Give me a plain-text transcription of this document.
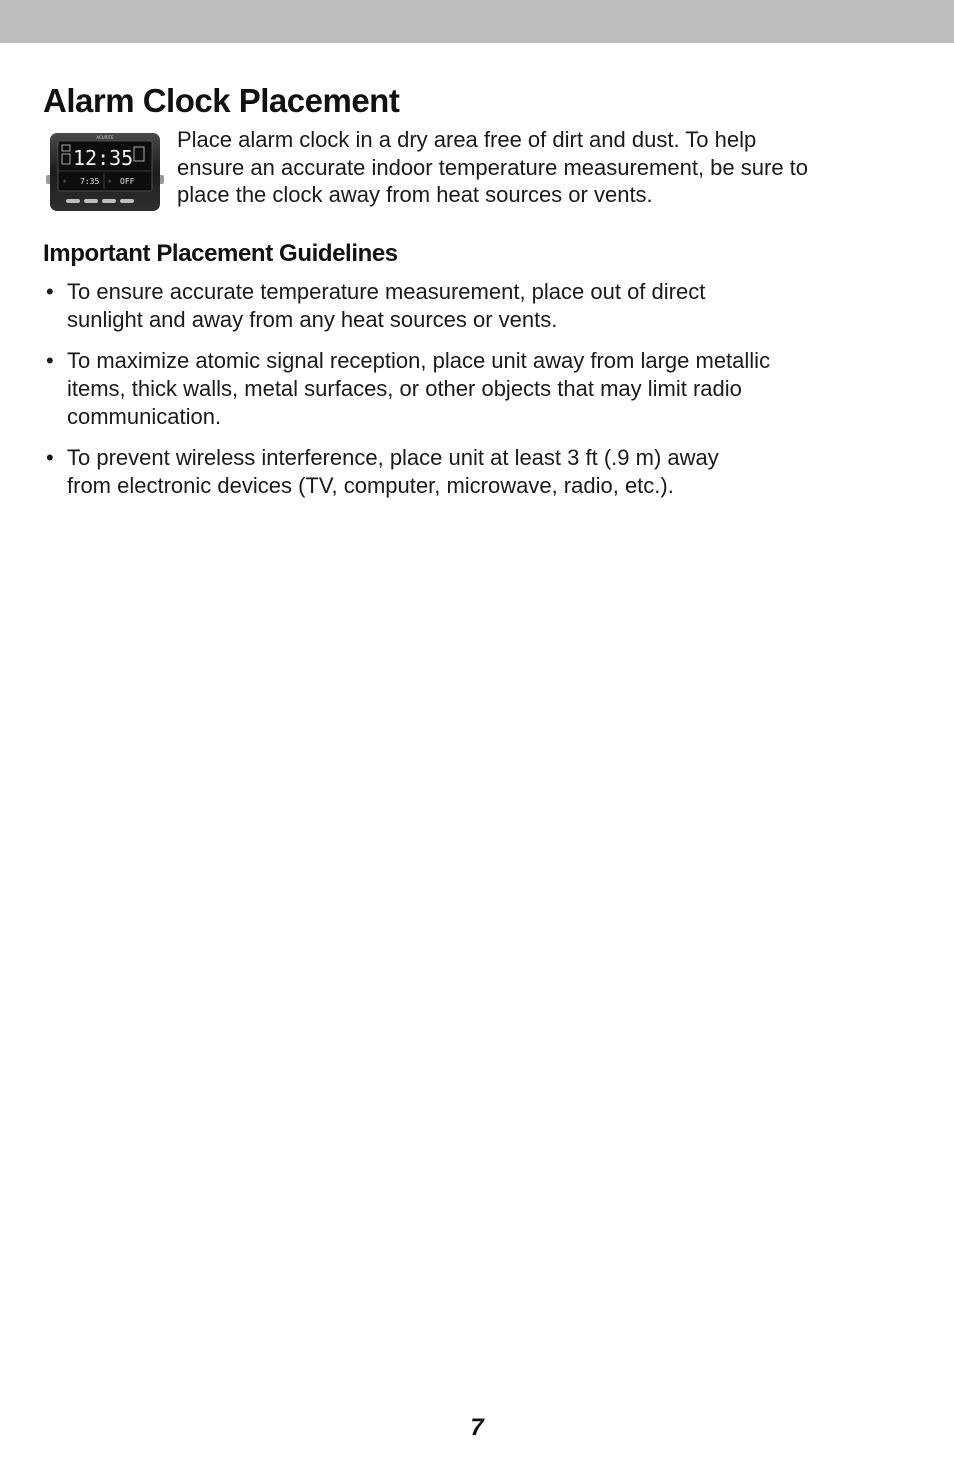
Alarm Clock Placement
ACURITE
12:35
☼ 7:35 ☼ OFF

Place alarm clock in a dry area free of dirt and dust. To help
ensure an accurate indoor temperature measurement, be sure to
place the clock away from heat sources or vents.

Important Placement Guidelines
• To ensure accurate temperature measurement, place out of direct
sunlight and away from any heat sources or vents.
• To maximize atomic signal reception, place unit away from large metallic
items, thick walls, metal surfaces, or other objects that may limit radio
communication.
• To prevent wireless interference, place unit at least 3 ft (.9 m) away
from electronic devices (TV, computer, microwave, radio, etc.).
7
